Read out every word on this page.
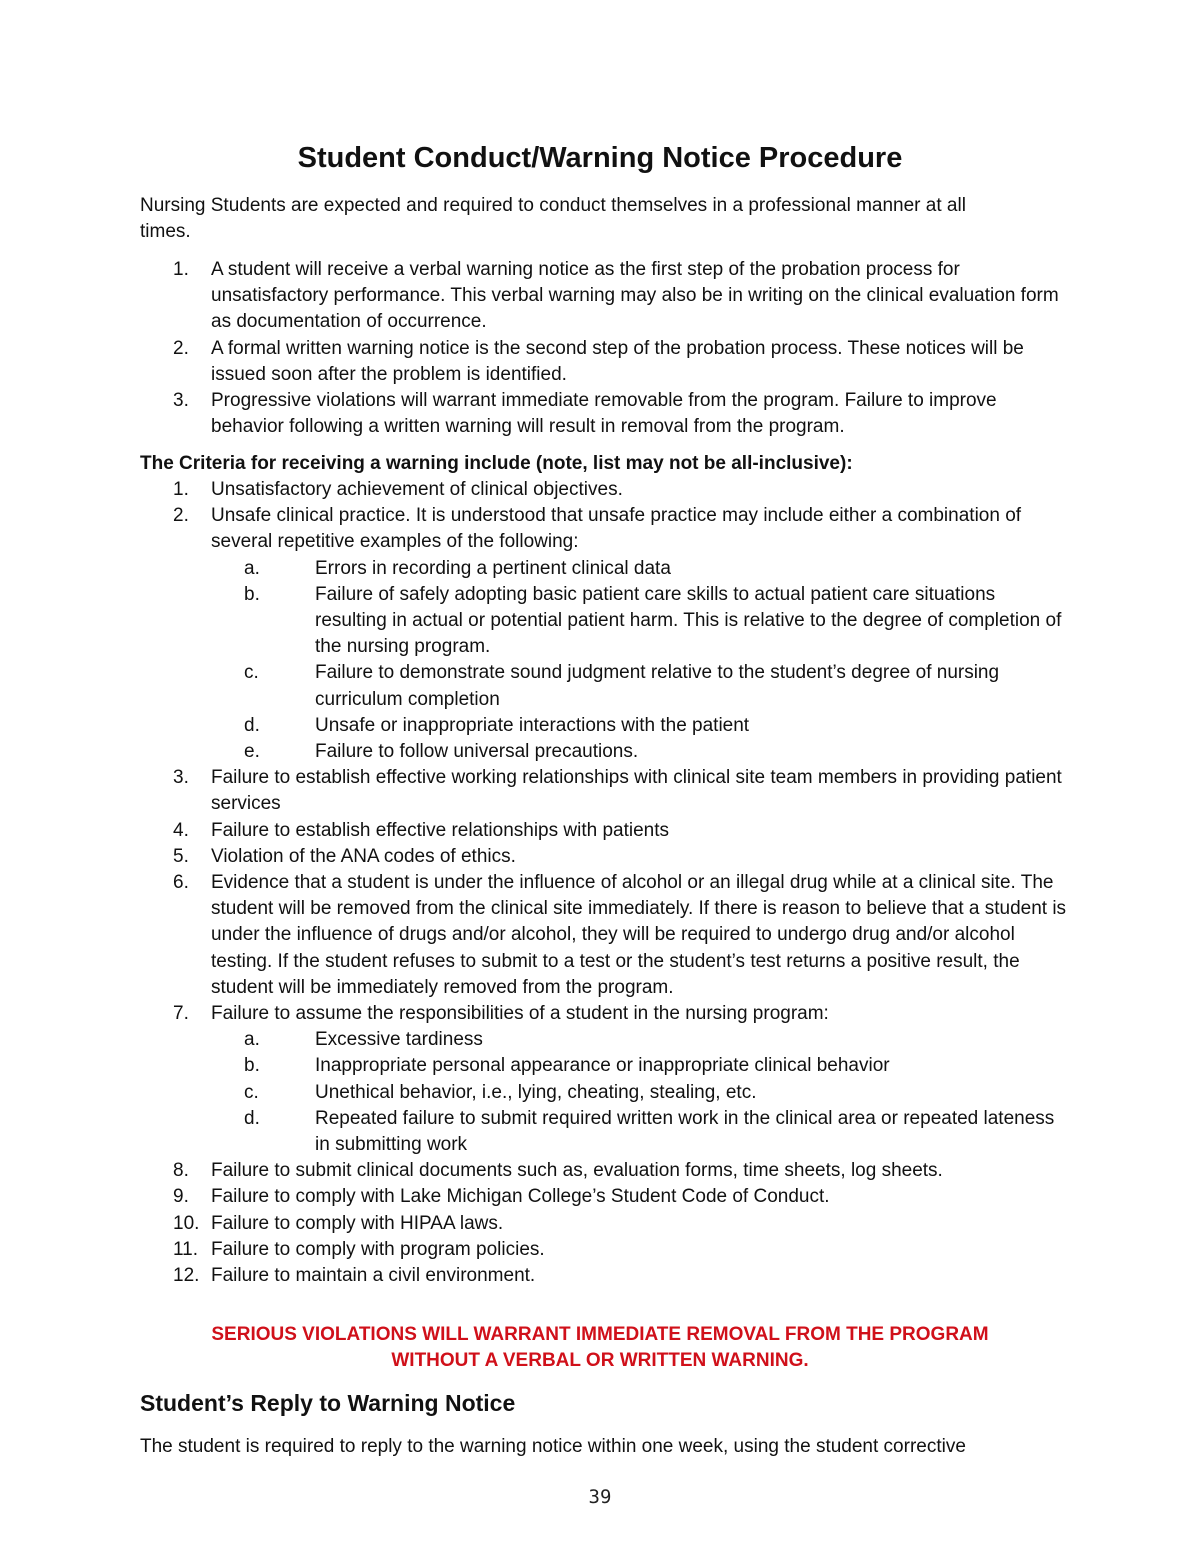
Student Conduct/Warning Notice Procedure

Nursing Students are expected and required to conduct themselves in a professional manner at all times.

1.	A student will receive a verbal warning notice as the first step of the probation process for unsatisfactory performance. This verbal warning may also be in writing on the clinical evaluation form as documentation of occurrence.
2.	A formal written warning notice is the second step of the probation process. These notices will be issued soon after the problem is identified.
3.	Progressive violations will warrant immediate removable from the program. Failure to improve behavior following a written warning will result in removal from the program.

The Criteria for receiving a warning include (note, list may not be all-inclusive):

1.	Unsatisfactory achievement of clinical objectives.
2.	Unsafe clinical practice. It is understood that unsafe practice may include either a combination of several repetitive examples of the following:
a.	Errors in recording a pertinent clinical data
b.	Failure of safely adopting basic patient care skills to actual patient care situations resulting in actual or potential patient harm. This is relative to the degree of completion of the nursing program.
c.	Failure to demonstrate sound judgment relative to the student’s degree of nursing curriculum completion
d.	Unsafe or inappropriate interactions with the patient
e.	Failure to follow universal precautions.
3.	Failure to establish effective working relationships with clinical site team members in providing patient services
4.	Failure to establish effective relationships with patients
5.	Violation of the ANA codes of ethics.
6.	Evidence that a student is under the influence of alcohol or an illegal drug while at a clinical site. The student will be removed from the clinical site immediately. If there is reason to believe that a student is under the influence of drugs and/or alcohol, they will be required to undergo drug and/or alcohol testing. If the student refuses to submit to a test or the student’s test returns a positive result, the student will be immediately removed from the program.
7.	Failure to assume the responsibilities of a student in the nursing program:
a.	Excessive tardiness
b.	Inappropriate personal appearance or inappropriate clinical behavior
c.	Unethical behavior, i.e., lying, cheating, stealing, etc.
d.	Repeated failure to submit required written work in the clinical area or repeated lateness in submitting work
8.	Failure to submit clinical documents such as, evaluation forms, time sheets, log sheets.
9.	Failure to comply with Lake Michigan College’s Student Code of Conduct.
10. Failure to comply with HIPAA laws.
11. Failure to comply with program policies.
12. Failure to maintain a civil environment.

SERIOUS VIOLATIONS WILL WARRANT IMMEDIATE REMOVAL FROM THE PROGRAM
WITHOUT A VERBAL OR WRITTEN WARNING.

Student’s Reply to Warning Notice

The student is required to reply to the warning notice within one week, using the student corrective

39
